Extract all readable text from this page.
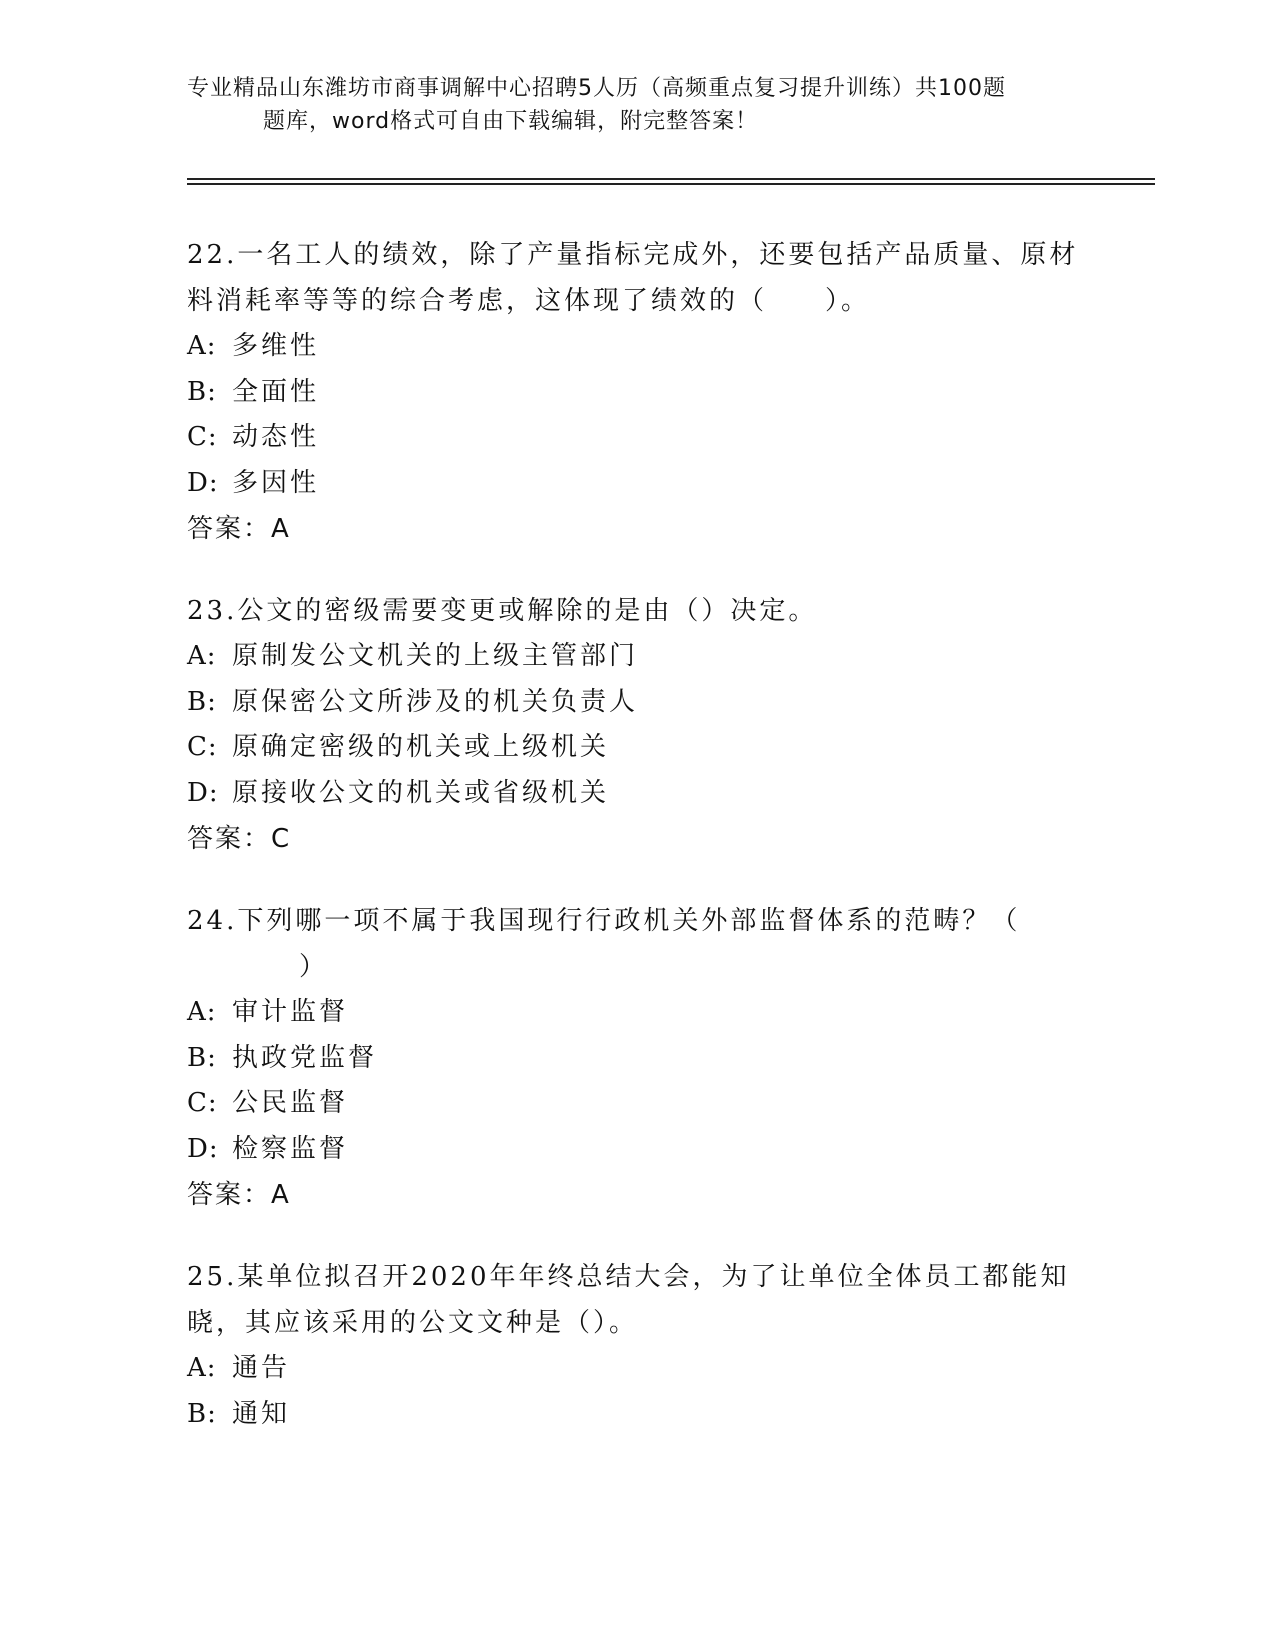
专业精品山东潍坊市商事调解中心招聘5人历（高频重点复习提升训练）共100题
题库，word格式可自由下载编辑，附完整答案！
22.一名工人的绩效，除了产量指标完成外，还要包括产品质量、原材
料消耗率等等的综合考虑，这体现了绩效的（　　）。
A: 多维性
B: 全面性
C: 动态性
D: 多因性
答案：A
23.公文的密级需要变更或解除的是由（）决定。
A: 原制发公文机关的上级主管部门
B: 原保密公文所涉及的机关负责人
C: 原确定密级的机关或上级机关
D: 原接收公文的机关或省级机关
答案：C
24.下列哪一项不属于我国现行行政机关外部监督体系的范畴？（
）
A: 审计监督
B: 执政党监督
C: 公民监督
D: 检察监督
答案：A
25.某单位拟召开2020年年终总结大会，为了让单位全体员工都能知
晓，其应该采用的公文文种是（）。
A: 通告
B: 通知
